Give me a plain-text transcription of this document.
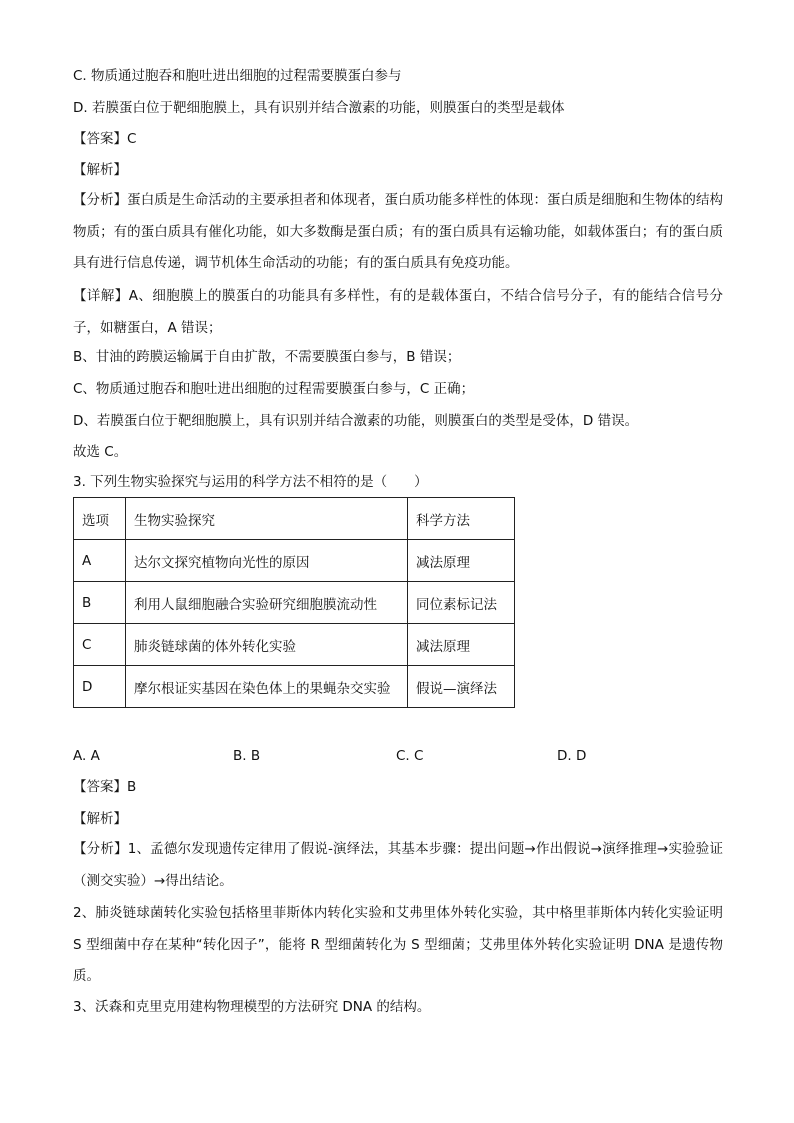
C. 物质通过胞吞和胞吐进出细胞的过程需要膜蛋白参与
D. 若膜蛋白位于靶细胞膜上，具有识别并结合激素的功能，则膜蛋白的类型是载体
【答案】C
【解析】
【分析】蛋白质是生命活动的主要承担者和体现者，蛋白质功能多样性的体现：蛋白质是细胞和生物体的结构物质；有的蛋白质具有催化功能，如大多数酶是蛋白质；有的蛋白质具有运输功能，如载体蛋白；有的蛋白质具有进行信息传递，调节机体生命活动的功能；有的蛋白质具有免疫功能。
【详解】A、细胞膜上的膜蛋白的功能具有多样性，有的是载体蛋白，不结合信号分子，有的能结合信号分子，如糖蛋白，A 错误；
B、甘油的跨膜运输属于自由扩散，不需要膜蛋白参与，B 错误；
C、物质通过胞吞和胞吐进出细胞的过程需要膜蛋白参与，C 正确；
D、若膜蛋白位于靶细胞膜上，具有识别并结合激素的功能，则膜蛋白的类型是受体，D 错误。
故选 C。
3. 下列生物实验探究与运用的科学方法不相符的是（　　）
选项	生物实验探究	科学方法
A	达尔文探究植物向光性的原因	减法原理
B	利用人鼠细胞融合实验研究细胞膜流动性	同位素标记法
C	肺炎链球菌的体外转化实验	减法原理
D	摩尔根证实基因在染色体上的果蝇杂交实验	假说—演绎法
A. A	B. B	C. C	D. D
【答案】B
【解析】
【分析】1、孟德尔发现遗传定律用了假说-演绎法，其基本步骤：提出问题→作出假说→演绎推理→实验验证（测交实验）→得出结论。
2、肺炎链球菌转化实验包括格里菲斯体内转化实验和艾弗里体外转化实验，其中格里菲斯体内转化实验证明 S 型细菌中存在某种“转化因子”，能将 R 型细菌转化为 S 型细菌；艾弗里体外转化实验证明 DNA 是遗传物质。
3、沃森和克里克用建构物理模型的方法研究 DNA 的结构。
